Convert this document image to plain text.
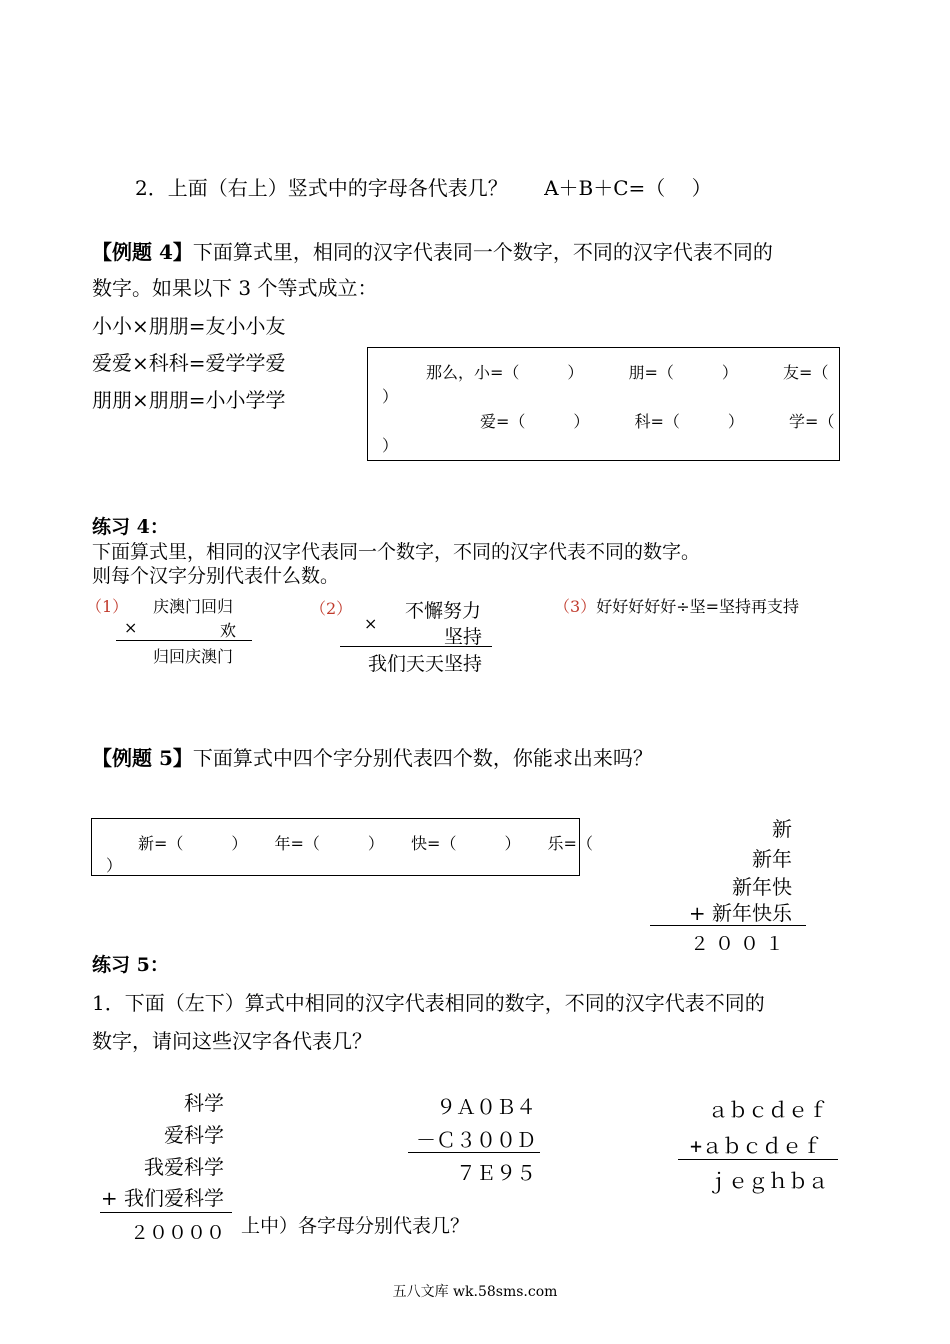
2．上面（右上）竖式中的字母各代表几？ A＋B＋C=（　 ）
【例题 4】下面算式里，相同的汉字代表同一个数字，不同的汉字代表不同的
数字。如果以下 3 个等式成立：
小小×朋朋=友小小友
爱爱×科科=爱学学爱
朋朋×朋朋=小小学学
那么，小=（　　　）	朋=（　　　）	友=（
）
爱=（　　　）	科=（　　　）	学=（
）
练习 4：
下面算式里，相同的汉字代表同一个数字，不同的汉字代表不同的数字。
则每个汉字分别代表什么数。
（1） 庆澳门回归
×	欢
归回庆澳门
（2）	不懈努力
×
坚持
我们天天坚持
（3）好好好好好÷坚=坚持再支持
【例题 5】下面算式中四个字分别代表四个数，你能求出来吗？
新=（　　　） 年=（　　　） 快=（　　　） 乐=（
）
新
新年
新年快
+ 新年快乐
２００１
练习 5：
1．下面（左下）算式中相同的汉字代表相同的数字，不同的汉字代表不同的
数字，请问这些汉字各代表几？
科学
爱科学
我爱科学
+ 我们爱科学
２００００ 上中）各字母分别代表几？
９Ａ０Ｂ４
－Ｃ３００Ｄ
７Ｅ９５
ａｂｃｄｅｆ
+ａｂｃｄｅｆ
ｊｅｇｈｂａ
五八文库 wk.58sms.com
